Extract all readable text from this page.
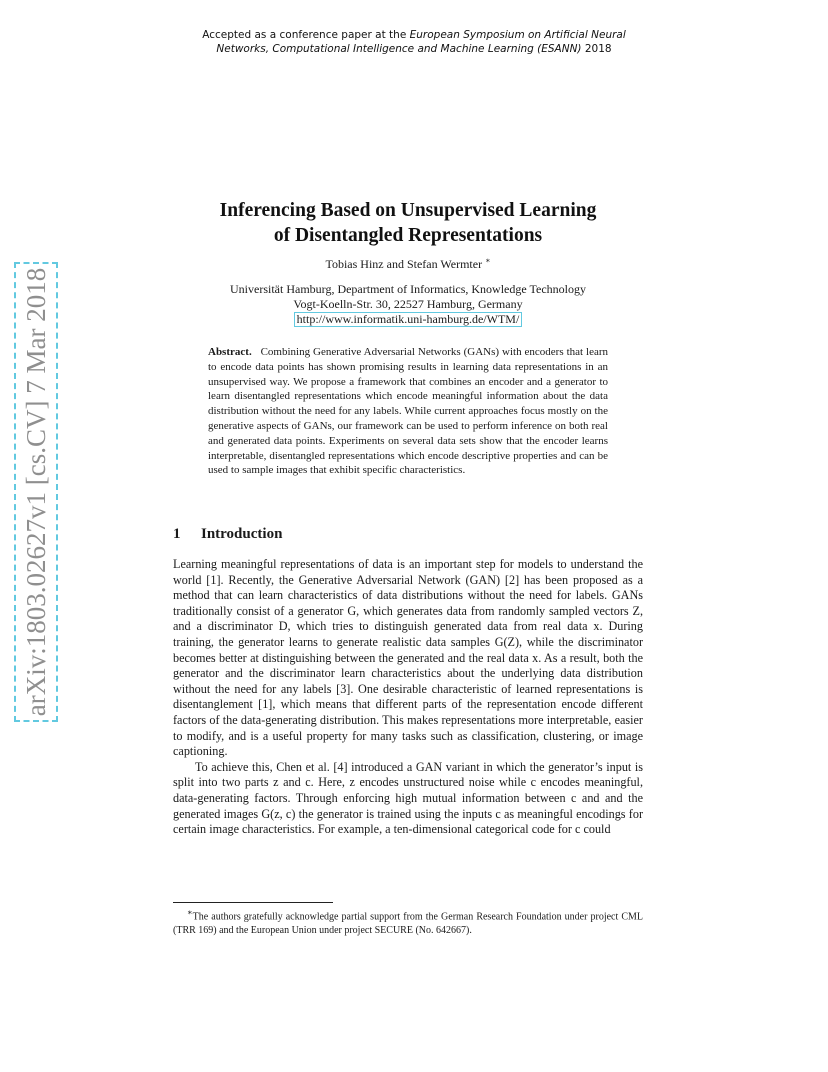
Accepted as a conference paper at the European Symposium on Artificial Neural
Networks, Computational Intelligence and Machine Learning (ESANN) 2018
arXiv:1803.02627v1 [cs.CV] 7 Mar 2018
Inferencing Based on Unsupervised Learning
of Disentangled Representations
Tobias Hinz and Stefan Wermter ∗
Universität Hamburg, Department of Informatics, Knowledge Technology
Vogt-Koelln-Str. 30, 22527 Hamburg, Germany
http://www.informatik.uni-hamburg.de/WTM/
Abstract. Combining Generative Adversarial Networks (GANs) with encoders that learn to encode data points has shown promising results in learning data representations in an unsupervised way. We propose a framework that combines an encoder and a generator to learn disentangled representations which encode meaningful information about the data distribution without the need for any labels. While current approaches focus mostly on the generative aspects of GANs, our framework can be used to perform inference on both real and generated data points. Experiments on several data sets show that the encoder learns interpretable, disentangled representations which encode descriptive properties and can be used to sample images that exhibit specific characteristics.
1 Introduction

Learning meaningful representations of data is an important step for models to understand the world [1]. Recently, the Generative Adversarial Network (GAN) [2] has been proposed as a method that can learn characteristics of data distributions without the need for labels. GANs traditionally consist of a generator G, which generates data from randomly sampled vectors Z, and a discriminator D, which tries to distinguish generated data from real data x. During training, the generator learns to generate realistic data samples G(Z), while the discriminator becomes better at distinguishing between the generated and the real data x. As a result, both the generator and the discriminator learn characteristics about the underlying data distribution without the need for any labels [3]. One desirable characteristic of learned representations is disentanglement [1], which means that different parts of the representation encode different factors of the data-generating distribution. This makes representations more interpretable, easier to modify, and is a useful property for many tasks such as classification, clustering, or image captioning.

To achieve this, Chen et al. [4] introduced a GAN variant in which the generator’s input is split into two parts z and c. Here, z encodes unstructured noise while c encodes meaningful, data-generating factors. Through enforcing high mutual information between c and and the generated images G(z, c) the generator is trained using the inputs c as meaningful encodings for certain image characteristics. For example, a ten-dimensional categorical code for c could

∗The authors gratefully acknowledge partial support from the German Research Foundation under project CML (TRR 169) and the European Union under project SECURE (No. 642667).
